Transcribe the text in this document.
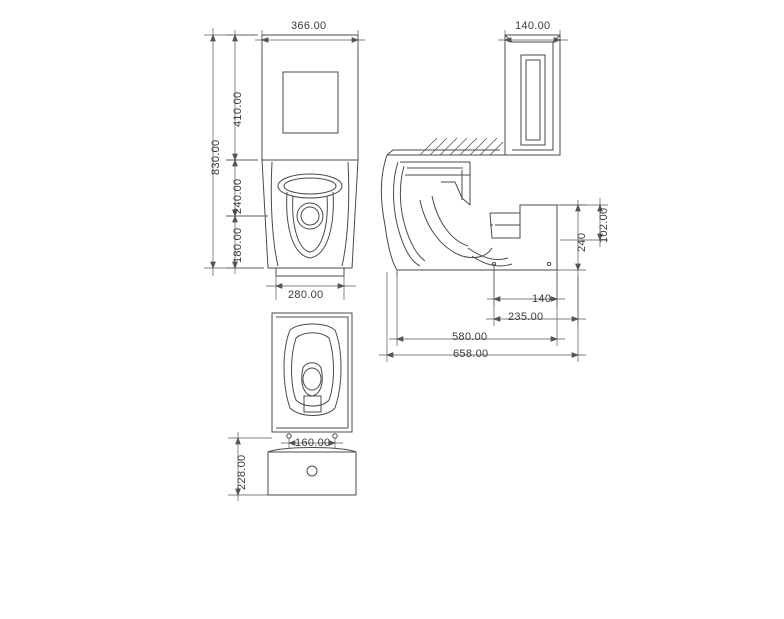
366.00	140.00
830.00
410.00
240.00
180.00
280.00
102.00
240
140
235.00
580.00
658.00
160.00
228.00
